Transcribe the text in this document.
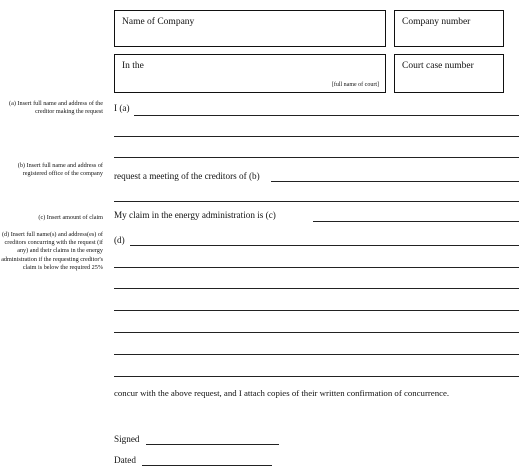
Name of Company	Company number
In the
[full name of court]
Court case number
(a) Insert full name and address of the creditor making the request
(b) Insert full name and address of registered office of the company
(c) Insert amount of claim
(d) Insert full name(s) and address(es) of creditors concurring with the request (if any) and their claims in the energy administration if the requesting creditor's claim is below the required 25%
I (a)
request a meeting of the creditors of (b)
My claim in the energy administration is (c)
(d)
concur with the above request, and I attach copies of their written confirmation of concurrence.
Signed
Dated
